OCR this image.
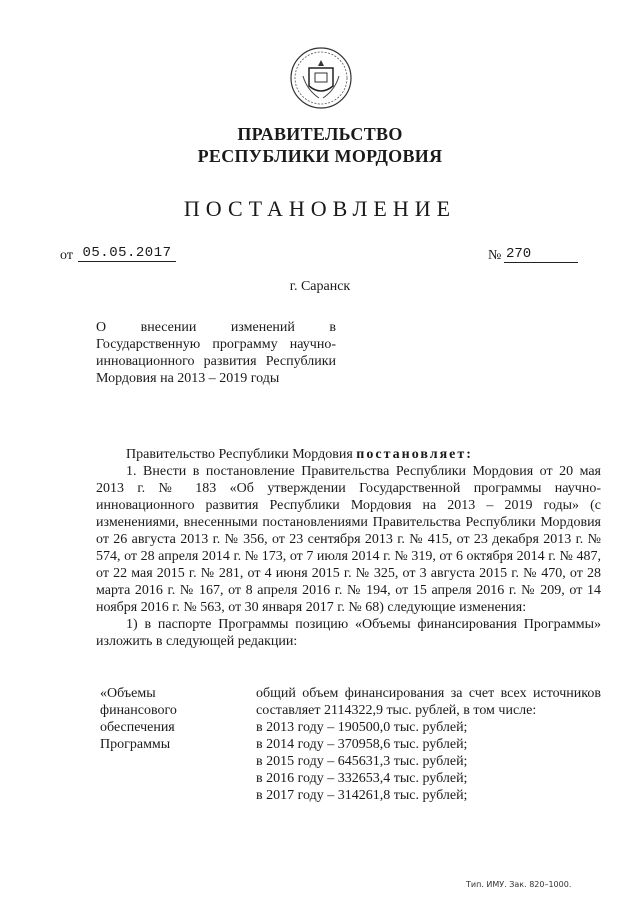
ПРАВИТЕЛЬСТВО
РЕСПУБЛИКИ МОРДОВИЯ
ПОСТАНОВЛЕНИЕ
от 05.05.2017	№ 270
г. Саранск
О внесении изменений в Государственную программу научно-инновационного развития Республики Мордовия на 2013 – 2019 годы

Правительство Республики Мордовия постановляет:

1. Внести в постановление Правительства Республики Мордовия от 20 мая 2013 г. № 183 «Об утверждении Государственной программы научно-инновационного развития Республики Мордовия на 2013 – 2019 годы» (с изменениями, внесенными постановлениями Правительства Республики Мордовия от 26 августа 2013 г. № 356, от 23 сентября 2013 г. № 415, от 23 декабря 2013 г. № 574, от 28 апреля 2014 г. № 173, от 7 июля 2014 г. № 319, от 6 октября 2014 г. № 487, от 22 мая 2015 г. № 281, от 4 июня 2015 г. № 325, от 3 августа 2015 г. № 470, от 28 марта 2016 г. № 167, от 8 апреля 2016 г. № 194, от 15 апреля 2016 г. № 209, от 14 ноября 2016 г. № 563, от 30 января 2017 г. № 68) следующие изменения:

1) в паспорте Программы позицию «Объемы финансирования Программы» изложить в следующей редакции:

«Объемы
финансового
обеспечения
Программы

общий объем финансирования за счет всех источников составляет 2114322,9 тыс. рублей, в том числе:

в 2013 году – 190500,0 тыс. рублей;
в 2014 году – 370958,6 тыс. рублей;
в 2015 году – 645631,3 тыс. рублей;
в 2016 году – 332653,4 тыс. рублей;
в 2017 году – 314261,8 тыс. рублей;
Тип. ИМУ. Зак. 820–1000.
